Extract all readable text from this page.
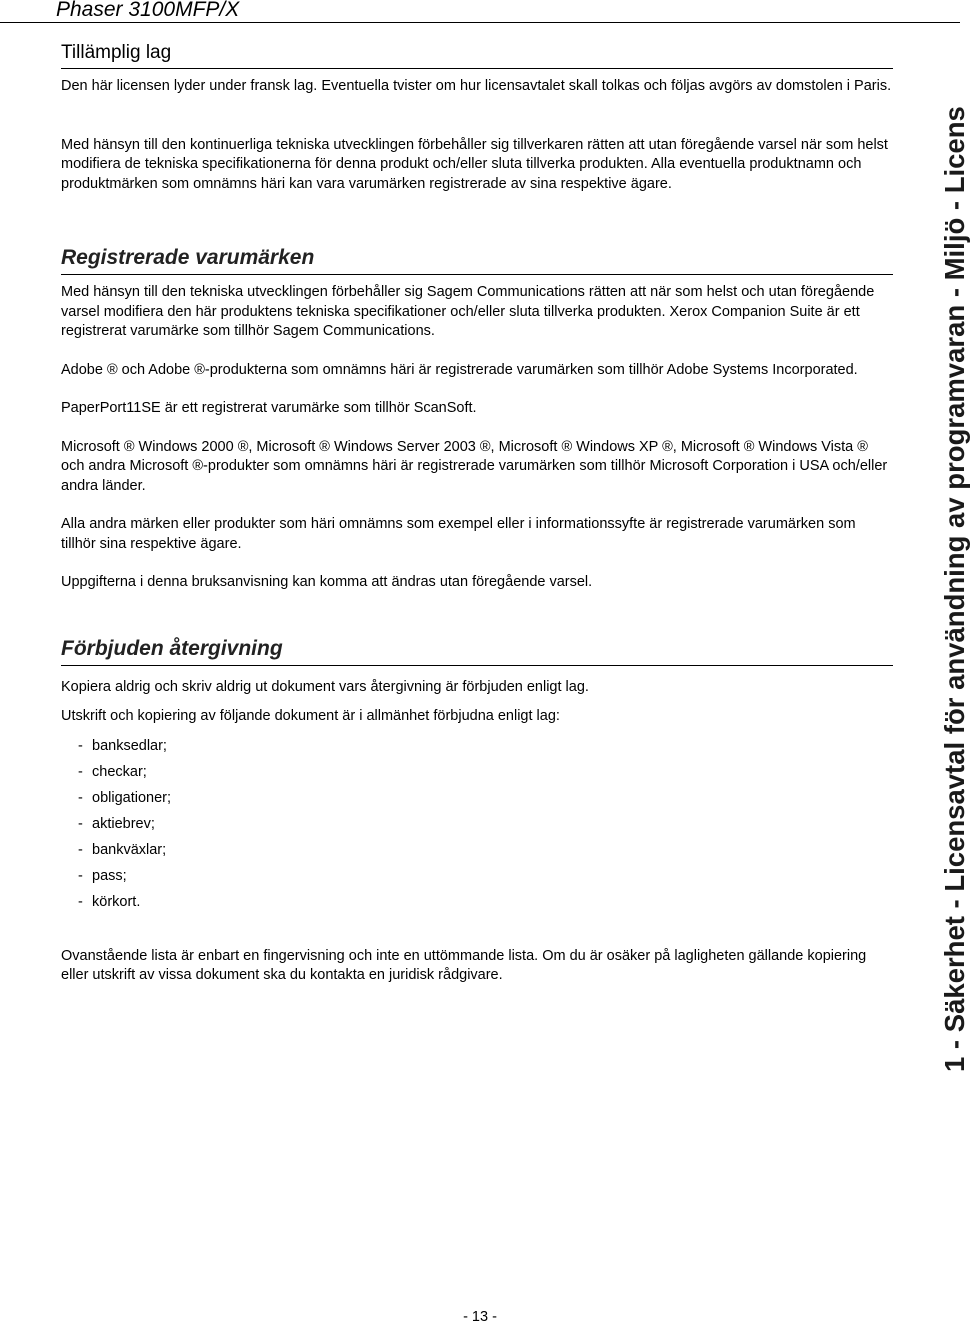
Phaser 3100MFP/X
Tillämplig lag

Den här licensen lyder under fransk lag. Eventuella tvister om hur licensavtalet skall tolkas och följas avgörs av domstolen i Paris.

Med hänsyn till den kontinuerliga tekniska utvecklingen förbehåller sig tillverkaren rätten att utan föregående varsel när som helst modifiera de tekniska specifikationerna för denna produkt och/eller sluta tillverka produkten. Alla eventuella produktnamn och produktmärken som omnämns häri kan vara varumärken registrerade av sina respektive ägare.

Registrerade varumärken

Med hänsyn till den tekniska utvecklingen förbehåller sig Sagem Communications rätten att när som helst och utan föregående varsel modifiera den här produktens tekniska specifikationer och/eller sluta tillverka produkten. Xerox Companion Suite är ett registrerat varumärke som tillhör Sagem Communications.

Adobe ® och Adobe ®-produkterna som omnämns häri är registrerade varumärken som tillhör Adobe Systems Incorporated.

PaperPort11SE är ett registrerat varumärke som tillhör ScanSoft.

Microsoft ® Windows 2000 ®, Microsoft ® Windows Server 2003 ®, Microsoft ® Windows XP ®, Microsoft ® Windows Vista ® och andra Microsoft ®-produkter som omnämns häri är registrerade varumärken som tillhör Microsoft Corporation i USA och/eller andra länder.

Alla andra märken eller produkter som häri omnämns som exempel eller i informationssyfte är registrerade varumärken som tillhör sina respektive ägare.

Uppgifterna i denna bruksanvisning kan komma att ändras utan föregående varsel.

Förbjuden återgivning

Kopiera aldrig och skriv aldrig ut dokument vars återgivning är förbjuden enligt lag.

Utskrift och kopiering av följande dokument är i allmänhet förbjudna enligt lag:

- banksedlar;
- checkar;
- obligationer;
- aktiebrev;
- bankväxlar;
- pass;
- körkort.

Ovanstående lista är enbart en fingervisning och inte en uttömmande lista. Om du är osäker på lagligheten gällande kopiering eller utskrift av vissa dokument ska du kontakta en juridisk rådgivare.	1 - Säkerhet - Licensavtal för användning av programvaran - Miljö - Licens
- 13 -
